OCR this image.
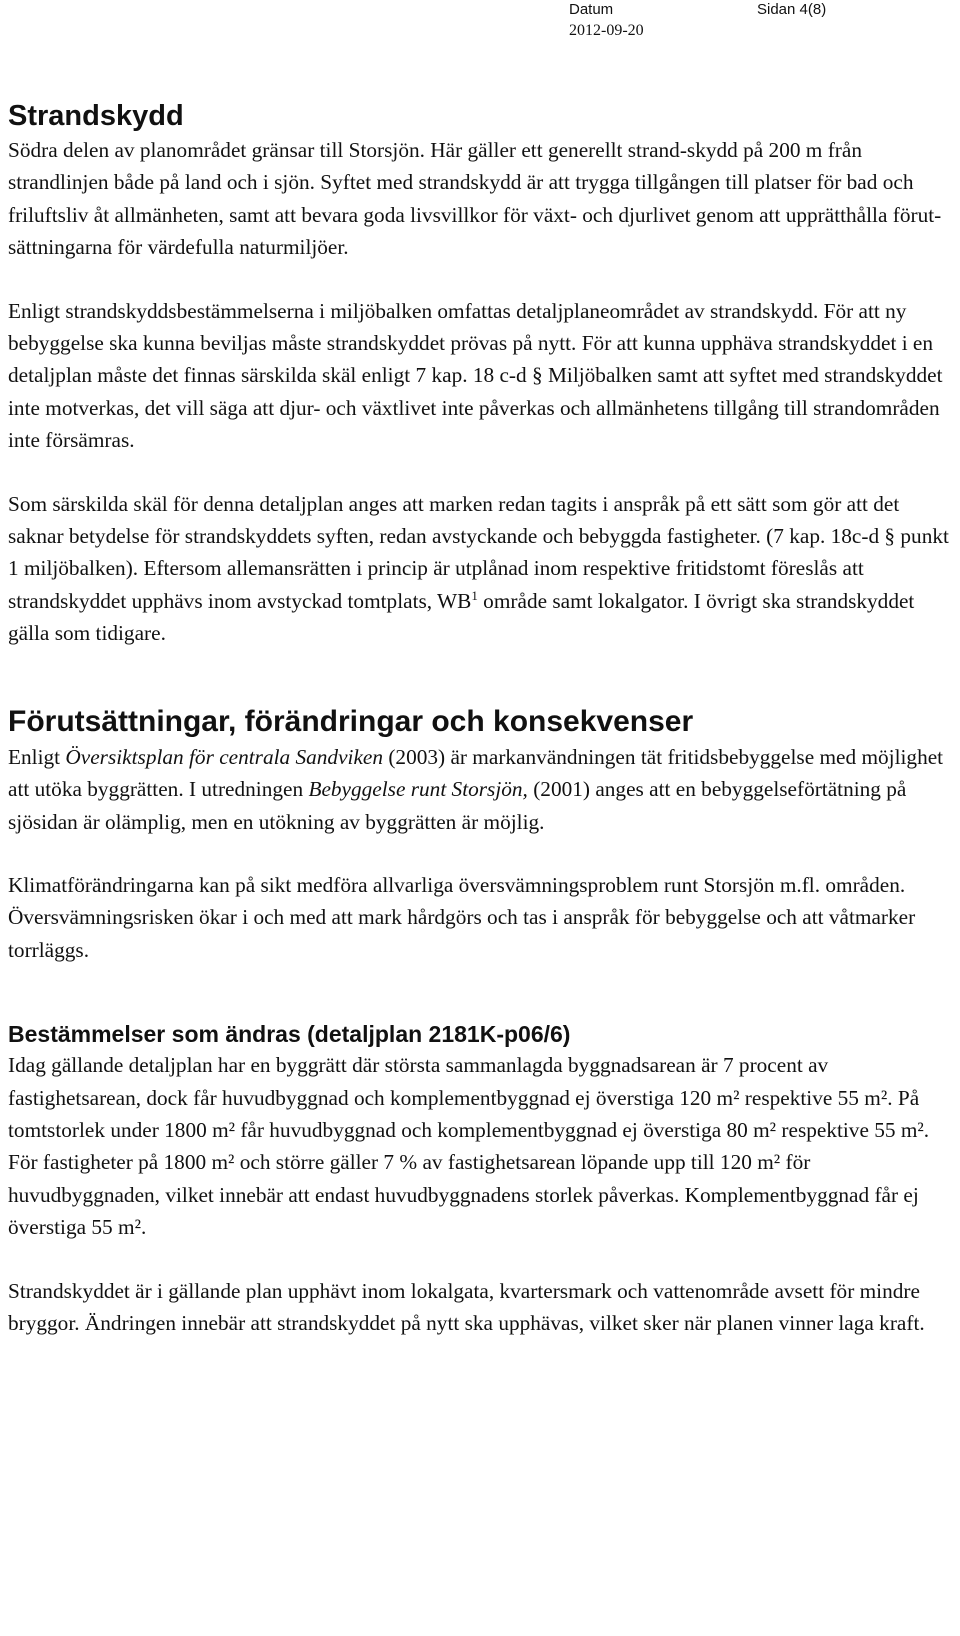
Datum	Sidan 4(8)
2012-09-20
Strandskydd

Södra delen av planområdet gränsar till Storsjön. Här gäller ett generellt strand-skydd på 200 m från strandlinjen både på land och i sjön. Syftet med strandskydd är att trygga tillgången till platser för bad och friluftsliv åt allmänheten, samt att bevara goda livsvillkor för växt- och djurlivet genom att upprätthålla förut-sättningarna för värdefulla naturmiljöer.

Enligt strandskyddsbestämmelserna i miljöbalken omfattas detaljplaneområdet av strandskydd. För att ny bebyggelse ska kunna beviljas måste strandskyddet prövas på nytt. För att kunna upphäva strandskyddet i en detaljplan måste det finnas särskilda skäl enligt 7 kap. 18 c-d § Miljöbalken samt att syftet med strandskyddet inte motverkas, det vill säga att djur- och växtlivet inte påverkas och allmänhetens tillgång till strandområden inte försämras.

Som särskilda skäl för denna detaljplan anges att marken redan tagits i anspråk på ett sätt som gör att det saknar betydelse för strandskyddets syften, redan avstyckande och bebyggda fastigheter. (7 kap. 18c-d § punkt 1 miljöbalken). Eftersom allemansrätten i princip är utplånad inom respektive fritidstomt föreslås att strandskyddet upphävs inom avstyckad tomtplats, $WB^1$ område samt lokalgator. I övrigt ska strandskyddet gälla som tidigare.

Förutsättningar, förändringar och konsekvenser

Enligt Översiktsplan för centrala Sandviken (2003) är markanvändningen tät fritidsbebyggelse med möjlighet att utöka byggrätten. I utredningen Bebyggelse runt Storsjön, (2001) anges att en bebyggelseförtätning på sjösidan är olämplig, men en utökning av byggrätten är möjlig.

Klimatförändringarna kan på sikt medföra allvarliga översvämningsproblem runt Storsjön m.fl. områden. Översvämningsrisken ökar i och med att mark hårdgörs och tas i anspråk för bebyggelse och att våtmarker torrläggs.

Bestämmelser som ändras (detaljplan 2181K-p06/6)

Idag gällande detaljplan har en byggrätt där största sammanlagda byggnadsarean är 7 procent av fastighetsarean, dock får huvudbyggnad och komplementbyggnad ej överstiga 120 m² respektive 55 m². På tomtstorlek under 1800 m² får huvudbyggnad och komplementbyggnad ej överstiga 80 m² respektive 55 m². För fastigheter på 1800 m² och större gäller 7 % av fastighetsarean löpande upp till 120 m² för huvudbyggnaden, vilket innebär att endast huvudbyggnadens storlek påverkas. Komplementbyggnad får ej överstiga 55 m².

Strandskyddet är i gällande plan upphävt inom lokalgata, kvartersmark och vattenområde avsett för mindre bryggor. Ändringen innebär att strandskyddet på nytt ska upphävas, vilket sker när planen vinner laga kraft.
